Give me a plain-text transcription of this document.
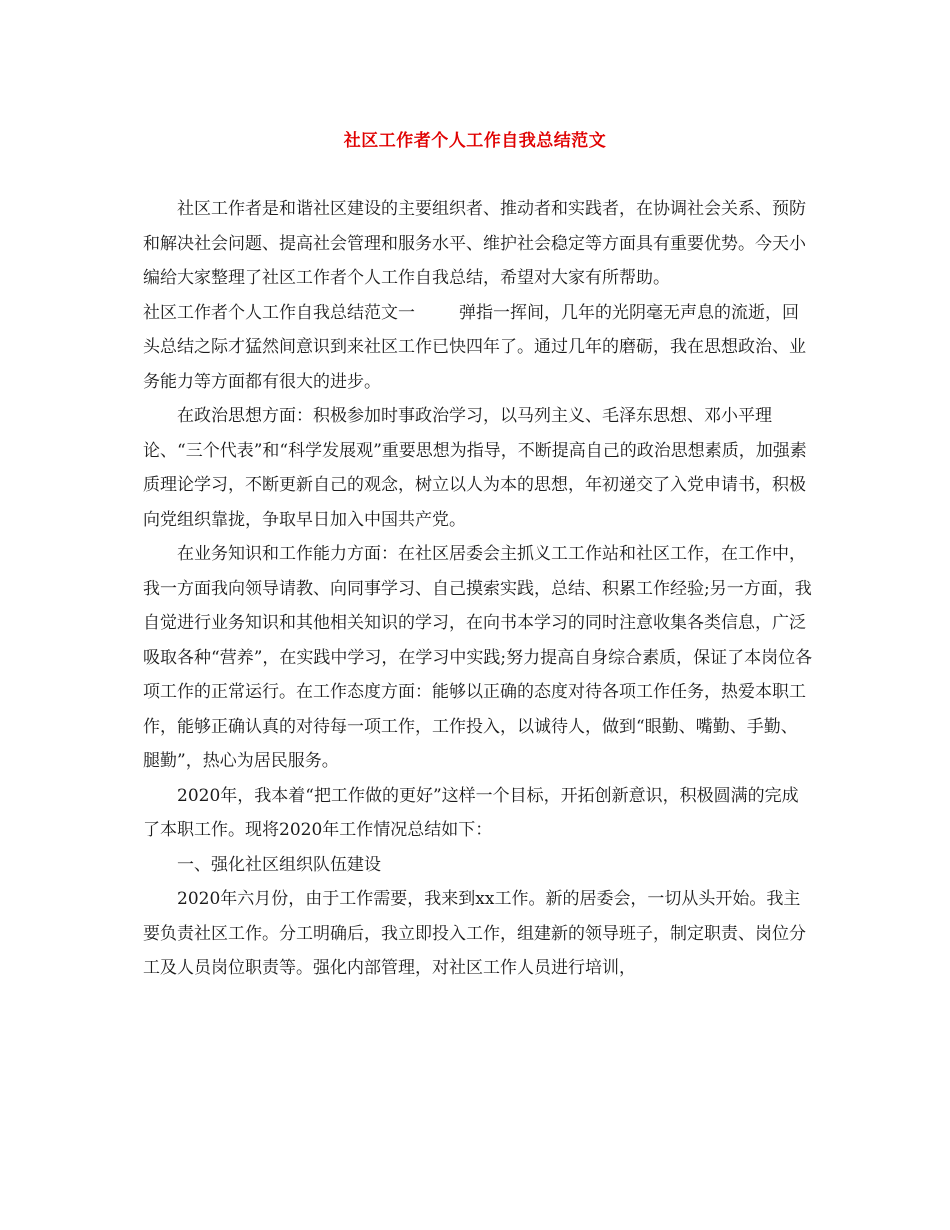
社区工作者个人工作自我总结范文

社区工作者是和谐社区建设的主要组织者、推动者和实践者，在协调社会关系、预防和解决社会问题、提高社会管理和服务水平、维护社会稳定等方面具有重要优势。今天小编给大家整理了社区工作者个人工作自我总结，希望对大家有所帮助。

社区工作者个人工作自我总结范文一	弹指一挥间，几年的光阴毫无声息的流逝，回头总结之际才猛然间意识到来社区工作已快四年了。通过几年的磨砺，我在思想政治、业务能力等方面都有很大的进步。

在政治思想方面：积极参加时事政治学习，以马列主义、毛泽东思想、邓小平理论、“三个代表”和“科学发展观”重要思想为指导，不断提高自己的政治思想素质，加强素质理论学习，不断更新自己的观念，树立以人为本的思想，年初递交了入党申请书，积极向党组织靠拢，争取早日加入中国共产党。

在业务知识和工作能力方面：在社区居委会主抓义工工作站和社区工作，在工作中，我一方面我向领导请教、向同事学习、自己摸索实践，总结、积累工作经验;另一方面，我自觉进行业务知识和其他相关知识的学习，在向书本学习的同时注意收集各类信息，广泛吸取各种“营养”，在实践中学习，在学习中实践;努力提高自身综合素质，保证了本岗位各项工作的正常运行。在工作态度方面：能够以正确的态度对待各项工作任务，热爱本职工作，能够正确认真的对待每一项工作，工作投入，以诚待人，做到“眼勤、嘴勤、手勤、腿勤”，热心为居民服务。

2020年，我本着“把工作做的更好”这样一个目标，开拓创新意识，积极圆满的完成了本职工作。现将2020年工作情况总结如下：

一、强化社区组织队伍建设

2020年六月份，由于工作需要，我来到xx工作。新的居委会，一切从头开始。我主要负责社区工作。分工明确后，我立即投入工作，组建新的领导班子，制定职责、岗位分工及人员岗位职责等。强化内部管理，对社区工作人员进行培训，
